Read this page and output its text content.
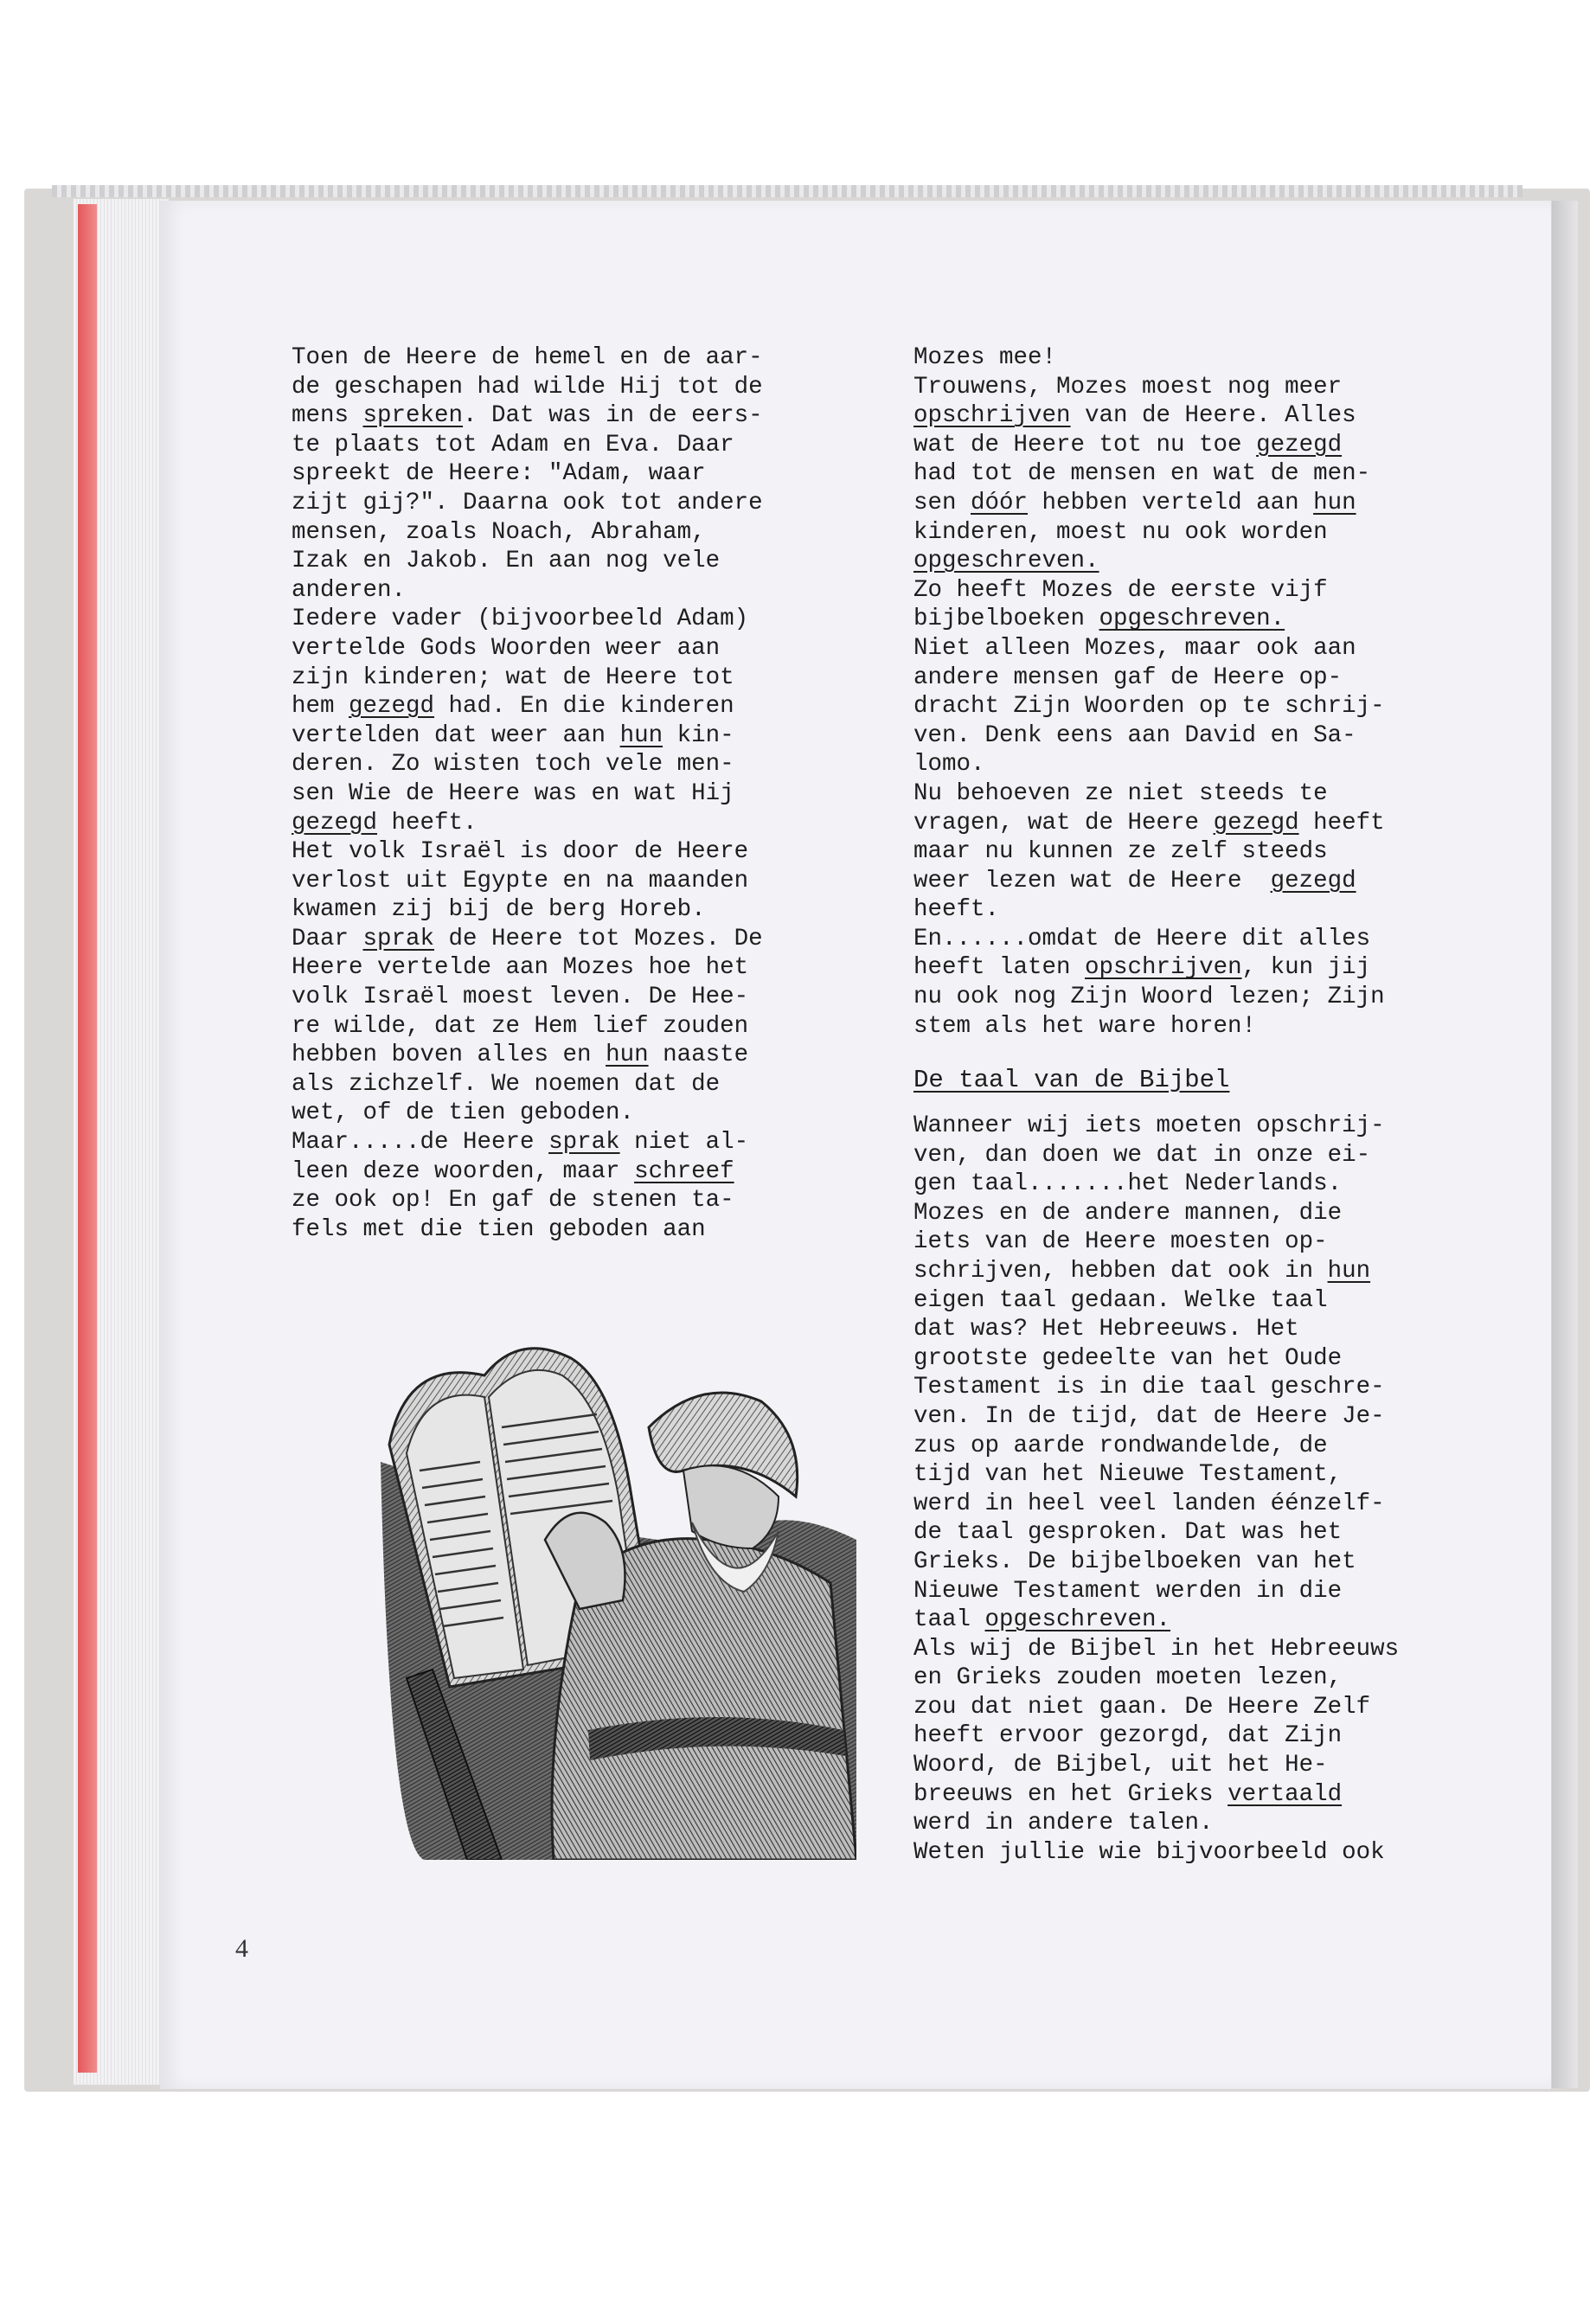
Toen de Heere de hemel en de aar-
de geschapen had wilde Hij tot de
mens spreken. Dat was in de eers-
te plaats tot Adam en Eva. Daar
spreekt de Heere: "Adam, waar
zijt gij?". Daarna ook tot andere
mensen, zoals Noach, Abraham,
Izak en Jakob. En aan nog vele
anderen.
Iedere vader (bijvoorbeeld Adam)
vertelde Gods Woorden weer aan
zijn kinderen; wat de Heere tot
hem gezegd had. En die kinderen
vertelden dat weer aan hun kin-
deren. Zo wisten toch vele men-
sen Wie de Heere was en wat Hij
gezegd heeft.
Het volk Israël is door de Heere
verlost uit Egypte en na maanden
kwamen zij bij de berg Horeb.
Daar sprak de Heere tot Mozes. De
Heere vertelde aan Mozes hoe het
volk Israël moest leven. De Hee-
re wilde, dat ze Hem lief zouden
hebben boven alles en hun naaste
als zichzelf. We noemen dat de
wet, of de tien geboden.
Maar.....de Heere sprak niet al-
leen deze woorden, maar schreef
ze ook op! En gaf de stenen ta-
fels met die tien geboden aan
Mozes mee!
Trouwens, Mozes moest nog meer
opschrijven van de Heere. Alles
wat de Heere tot nu toe gezegd
had tot de mensen en wat de men-
sen dóór hebben verteld aan hun
kinderen, moest nu ook worden
opgeschreven.
Zo heeft Mozes de eerste vijf
bijbelboeken opgeschreven.
Niet alleen Mozes, maar ook aan
andere mensen gaf de Heere op-
dracht Zijn Woorden op te schrij-
ven. Denk eens aan David en Sa-
lomo.
Nu behoeven ze niet steeds te
vragen, wat de Heere gezegd heeft
maar nu kunnen ze zelf steeds
weer lezen wat de Heere  gezegd
heeft.
En......omdat de Heere dit alles
heeft laten opschrijven, kun jij
nu ook nog Zijn Woord lezen; Zijn
stem als het ware horen!
De taal van de Bijbel
Wanneer wij iets moeten opschrij-
ven, dan doen we dat in onze ei-
gen taal.......het Nederlands.
Mozes en de andere mannen, die
iets van de Heere moesten op-
schrijven, hebben dat ook in hun
eigen taal gedaan. Welke taal
dat was? Het Hebreeuws. Het
grootste gedeelte van het Oude
Testament is in die taal geschre-
ven. In de tijd, dat de Heere Je-
zus op aarde rondwandelde, de
tijd van het Nieuwe Testament,
werd in heel veel landen éénzelf-
de taal gesproken. Dat was het
Grieks. De bijbelboeken van het
Nieuwe Testament werden in die
taal opgeschreven.
Als wij de Bijbel in het Hebreeuws
en Grieks zouden moeten lezen,
zou dat niet gaan. De Heere Zelf
heeft ervoor gezorgd, dat Zijn
Woord, de Bijbel, uit het He-
breeuws en het Grieks vertaald
werd in andere talen.
Weten jullie wie bijvoorbeeld ook
4
